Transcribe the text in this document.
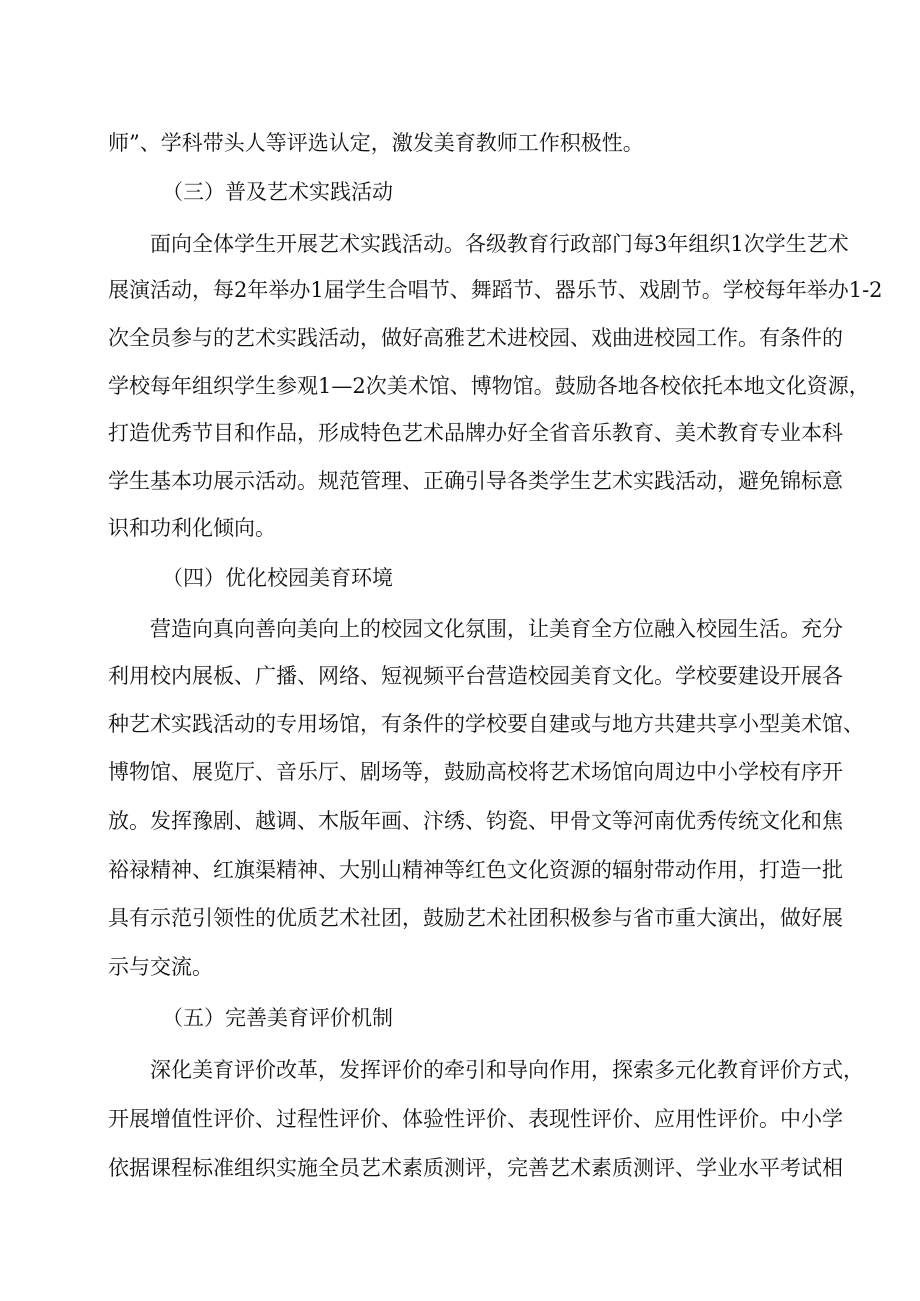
师”、学科带头人等评选认定，激发美育教师工作积极性。
（三）普及艺术实践活动
面向全体学生开展艺术实践活动。各级教育行政部门每3年组织1次学生艺术
展演活动，每2年举办1届学生合唱节、舞蹈节、器乐节、戏剧节。学校每年举办1-2
次全员参与的艺术实践活动，做好高雅艺术进校园、戏曲进校园工作。有条件的
学校每年组织学生参观1—2次美术馆、博物馆。鼓励各地各校依托本地文化资源，
打造优秀节目和作品，形成特色艺术品牌办好全省音乐教育、美术教育专业本科
学生基本功展示活动。规范管理、正确引导各类学生艺术实践活动，避免锦标意
识和功利化倾向。
（四）优化校园美育环境
营造向真向善向美向上的校园文化氛围，让美育全方位融入校园生活。充分
利用校内展板、广播、网络、短视频平台营造校园美育文化。学校要建设开展各
种艺术实践活动的专用场馆，有条件的学校要自建或与地方共建共享小型美术馆、
博物馆、展览厅、音乐厅、剧场等，鼓励高校将艺术场馆向周边中小学校有序开
放。发挥豫剧、越调、木版年画、汴绣、钧瓷、甲骨文等河南优秀传统文化和焦
裕禄精神、红旗渠精神、大别山精神等红色文化资源的辐射带动作用，打造一批
具有示范引领性的优质艺术社团，鼓励艺术社团积极参与省市重大演出，做好展
示与交流。
（五）完善美育评价机制
深化美育评价改革，发挥评价的牵引和导向作用，探索多元化教育评价方式，
开展增值性评价、过程性评价、体验性评价、表现性评价、应用性评价。中小学
依据课程标准组织实施全员艺术素质测评，完善艺术素质测评、学业水平考试相
